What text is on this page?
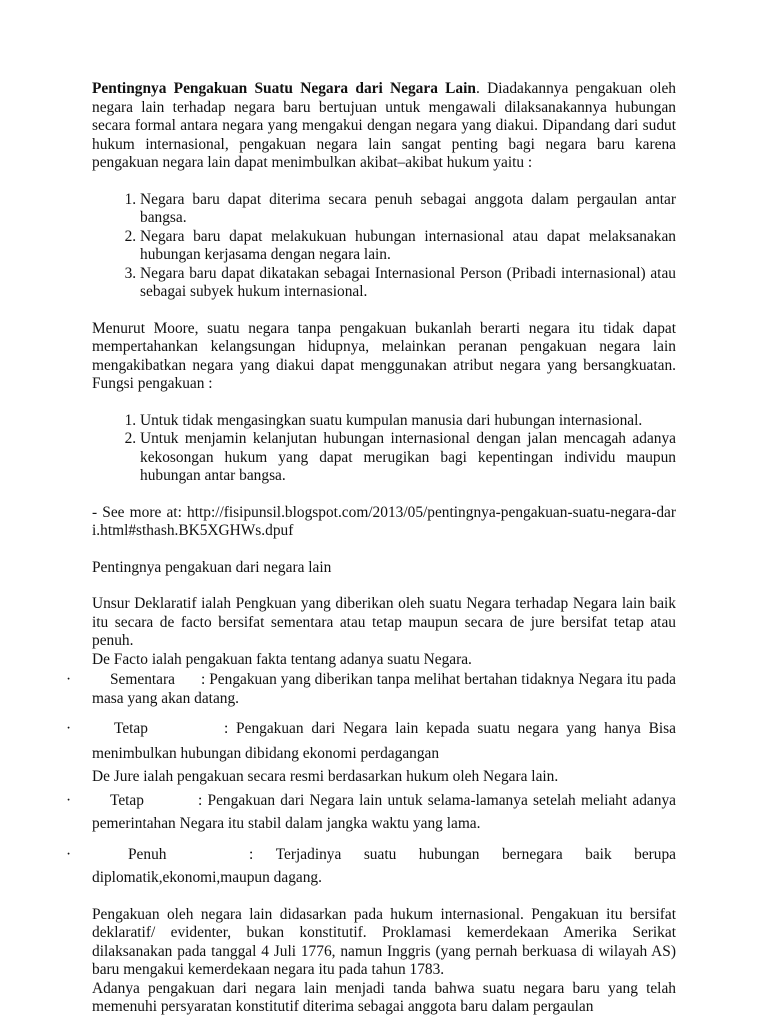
Pentingnya Pengakuan Suatu Negara dari Negara Lain. Diadakannya pengakuan oleh negara lain terhadap negara baru bertujuan untuk mengawali dilaksanakannya hubungan secara formal antara negara yang mengakui dengan negara yang diakui. Dipandang dari sudut hukum internasional, pengakuan negara lain sangat penting bagi negara baru karena pengakuan negara lain dapat menimbulkan akibat–akibat hukum yaitu :

1. Negara baru dapat diterima secara penuh sebagai anggota dalam pergaulan antar bangsa.
2. Negara baru dapat melakukuan hubungan internasional atau dapat melaksanakan hubungan kerjasama dengan negara lain.
3. Negara baru dapat dikatakan sebagai Internasional Person (Pribadi internasional) atau sebagai subyek hukum internasional.

Menurut Moore, suatu negara tanpa pengakuan bukanlah berarti negara itu tidak dapat mempertahankan kelangsungan hidupnya, melainkan peranan pengakuan negara lain mengakibatkan negara yang diakui dapat menggunakan atribut negara yang bersangkuatan. Fungsi pengakuan :

1. Untuk tidak mengasingkan suatu kumpulan manusia dari hubungan internasional.
2. Untuk menjamin kelanjutan hubungan internasional dengan jalan mencagah adanya kekosongan hukum yang dapat merugikan bagi kepentingan individu maupun hubungan antar bangsa.

- See more at: http://fisipunsil.blogspot.com/2013/05/pentingnya-pengakuan-suatu-negara-dari.html#sthash.BK5XGHWs.dpuf

Pentingnya pengakuan dari negara lain

Unsur Deklaratif ialah Pengkuan yang diberikan oleh suatu Negara terhadap Negara lain baik itu secara de facto bersifat sementara atau tetap maupun secara de jure bersifat tetap atau penuh.

De Facto ialah pengakuan fakta tentang adanya suatu Negara.

·	Sementara	: Pengakuan yang diberikan tanpa melihat bertahan tidaknya Negara itu pada
masa yang akan datang.
·	Tetap	: Pengakuan dari Negara lain kepada suatu negara yang hanya Bisa
menimbulkan hubungan dibidang ekonomi perdagangan

De Jure ialah pengakuan secara resmi berdasarkan hukum oleh Negara lain.

·	Tetap	: Pengakuan dari Negara lain untuk selama-lamanya setelah meliaht adanya
pemerintahan Negara itu stabil dalam jangka waktu yang lama.
·	Penuh	: Terjadinya suatu hubungan bernegara baik berupa
diplomatik,ekonomi,maupun dagang.

Pengakuan oleh negara lain didasarkan pada hukum internasional. Pengakuan itu bersifat deklaratif/ evidenter, bukan konstitutif. Proklamasi kemerdekaan Amerika Serikat dilaksanakan pada tanggal 4 Juli 1776, namun Inggris (yang pernah berkuasa di wilayah AS) baru mengakui kemerdekaan negara itu pada tahun 1783.

Adanya pengakuan dari negara lain menjadi tanda bahwa suatu negara baru yang telah memenuhi persyaratan konstitutif diterima sebagai anggota baru dalam pergaulan
